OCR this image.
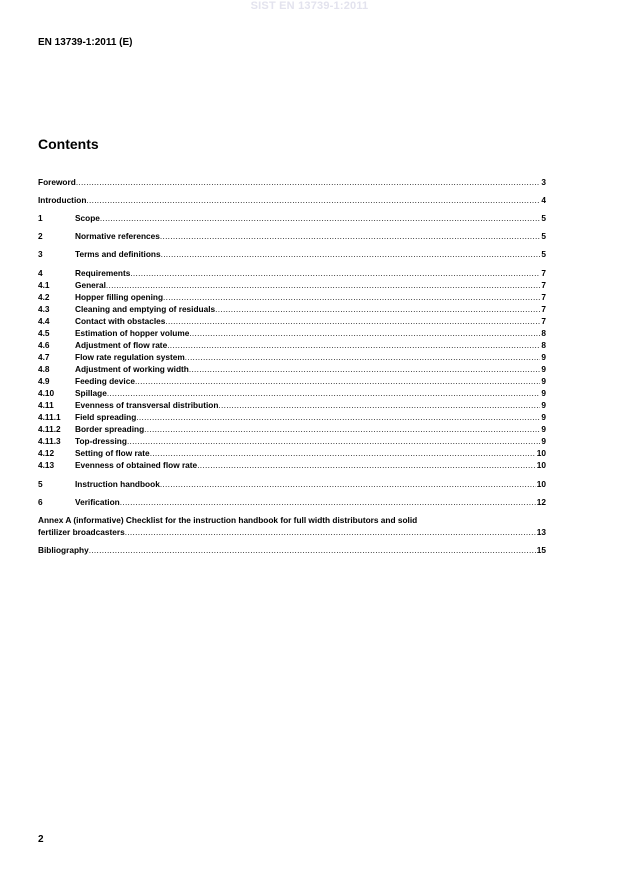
SIST EN 13739-1:2011
EN 13739-1:2011 (E)
Contents
Foreword .....	3
Introduction .....	4
1	Scope .....	5
2	Normative references .....	5
3	Terms and definitions .....	5
4	Requirements .....	7
4.1	General .....	7
4.2	Hopper filling opening .....	7
4.3	Cleaning and emptying of residuals .....	7
4.4	Contact with obstacles .....	7
4.5	Estimation of hopper volume .....	8
4.6	Adjustment of flow rate .....	8
4.7	Flow rate regulation system .....	9
4.8	Adjustment of working width .....	9
4.9	Feeding device .....	9
4.10	Spillage .....	9
4.11	Evenness of transversal distribution .....	9
4.11.1	Field spreading .....	9
4.11.2	Border spreading .....	9
4.11.3	Top-dressing .....	9
4.12	Setting of flow rate .....	10
4.13	Evenness of obtained flow rate .....	10
5	Instruction handbook .....	10
6	Verification .....	12
Annex A (informative) Checklist for the instruction handbook for full width distributors and solid
fertilizer broadcasters .....	13
Bibliography .....	15
2
